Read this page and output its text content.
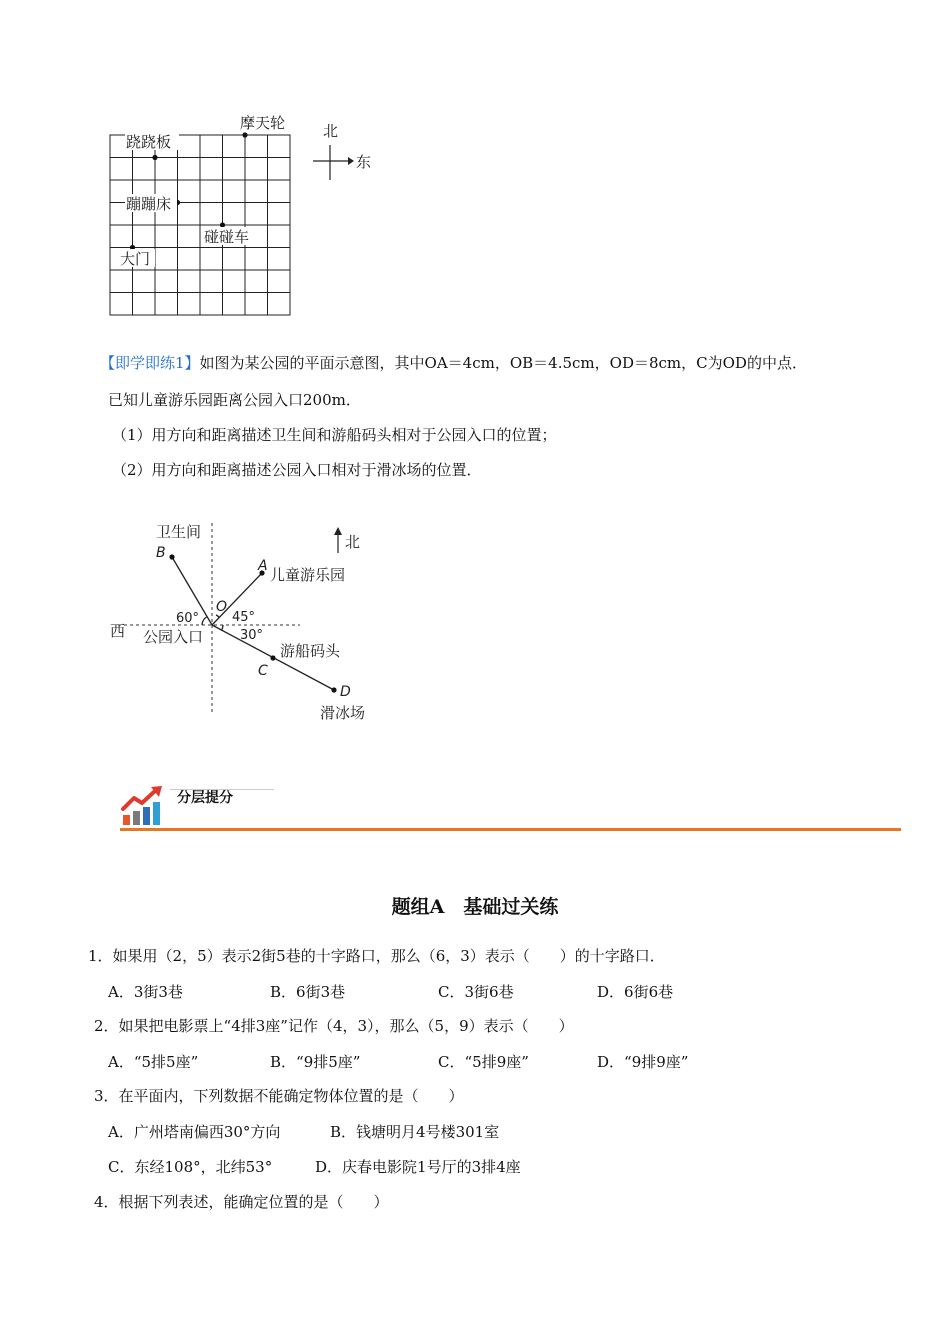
摩天轮
跷跷板
蹦蹦床
碰碰车
大门
北
东
【即学即练1】如图为某公园的平面示意图，其中OA＝4cm，OB＝4.5cm，OD＝8cm，C为OD的中点．
已知儿童游乐园距离公园入口200m．
（1）用方向和距离描述卫生间和游船码头相对于公园入口的位置；
（2）用方向和距离描述公园入口相对于滑冰场的位置．
卫生间
B
A 儿童游乐园
O
60°	45°
30°
西 公园入口
游船码头
C
D
滑冰场
北
分层提分
题组A　基础过关练
1．如果用（2，5）表示2街5巷的十字路口，那么（6，3）表示（　　）的十字路口．
A．3街3巷	B．6街3巷	C．3街6巷	D．6街6巷
2．如果把电影票上“4排3座”记作（4，3），那么（5，9）表示（　　）
A．“5排5座”	B．“9排5座”	C．“5排9座”	D．“9排9座”
3．在平面内，下列数据不能确定物体位置的是（　　）
A．广州塔南偏西30°方向	B．钱塘明月4号楼301室
C．东经108°，北纬53°	D．庆春电影院1号厅的3排4座
4．根据下列表述，能确定位置的是（　　）
